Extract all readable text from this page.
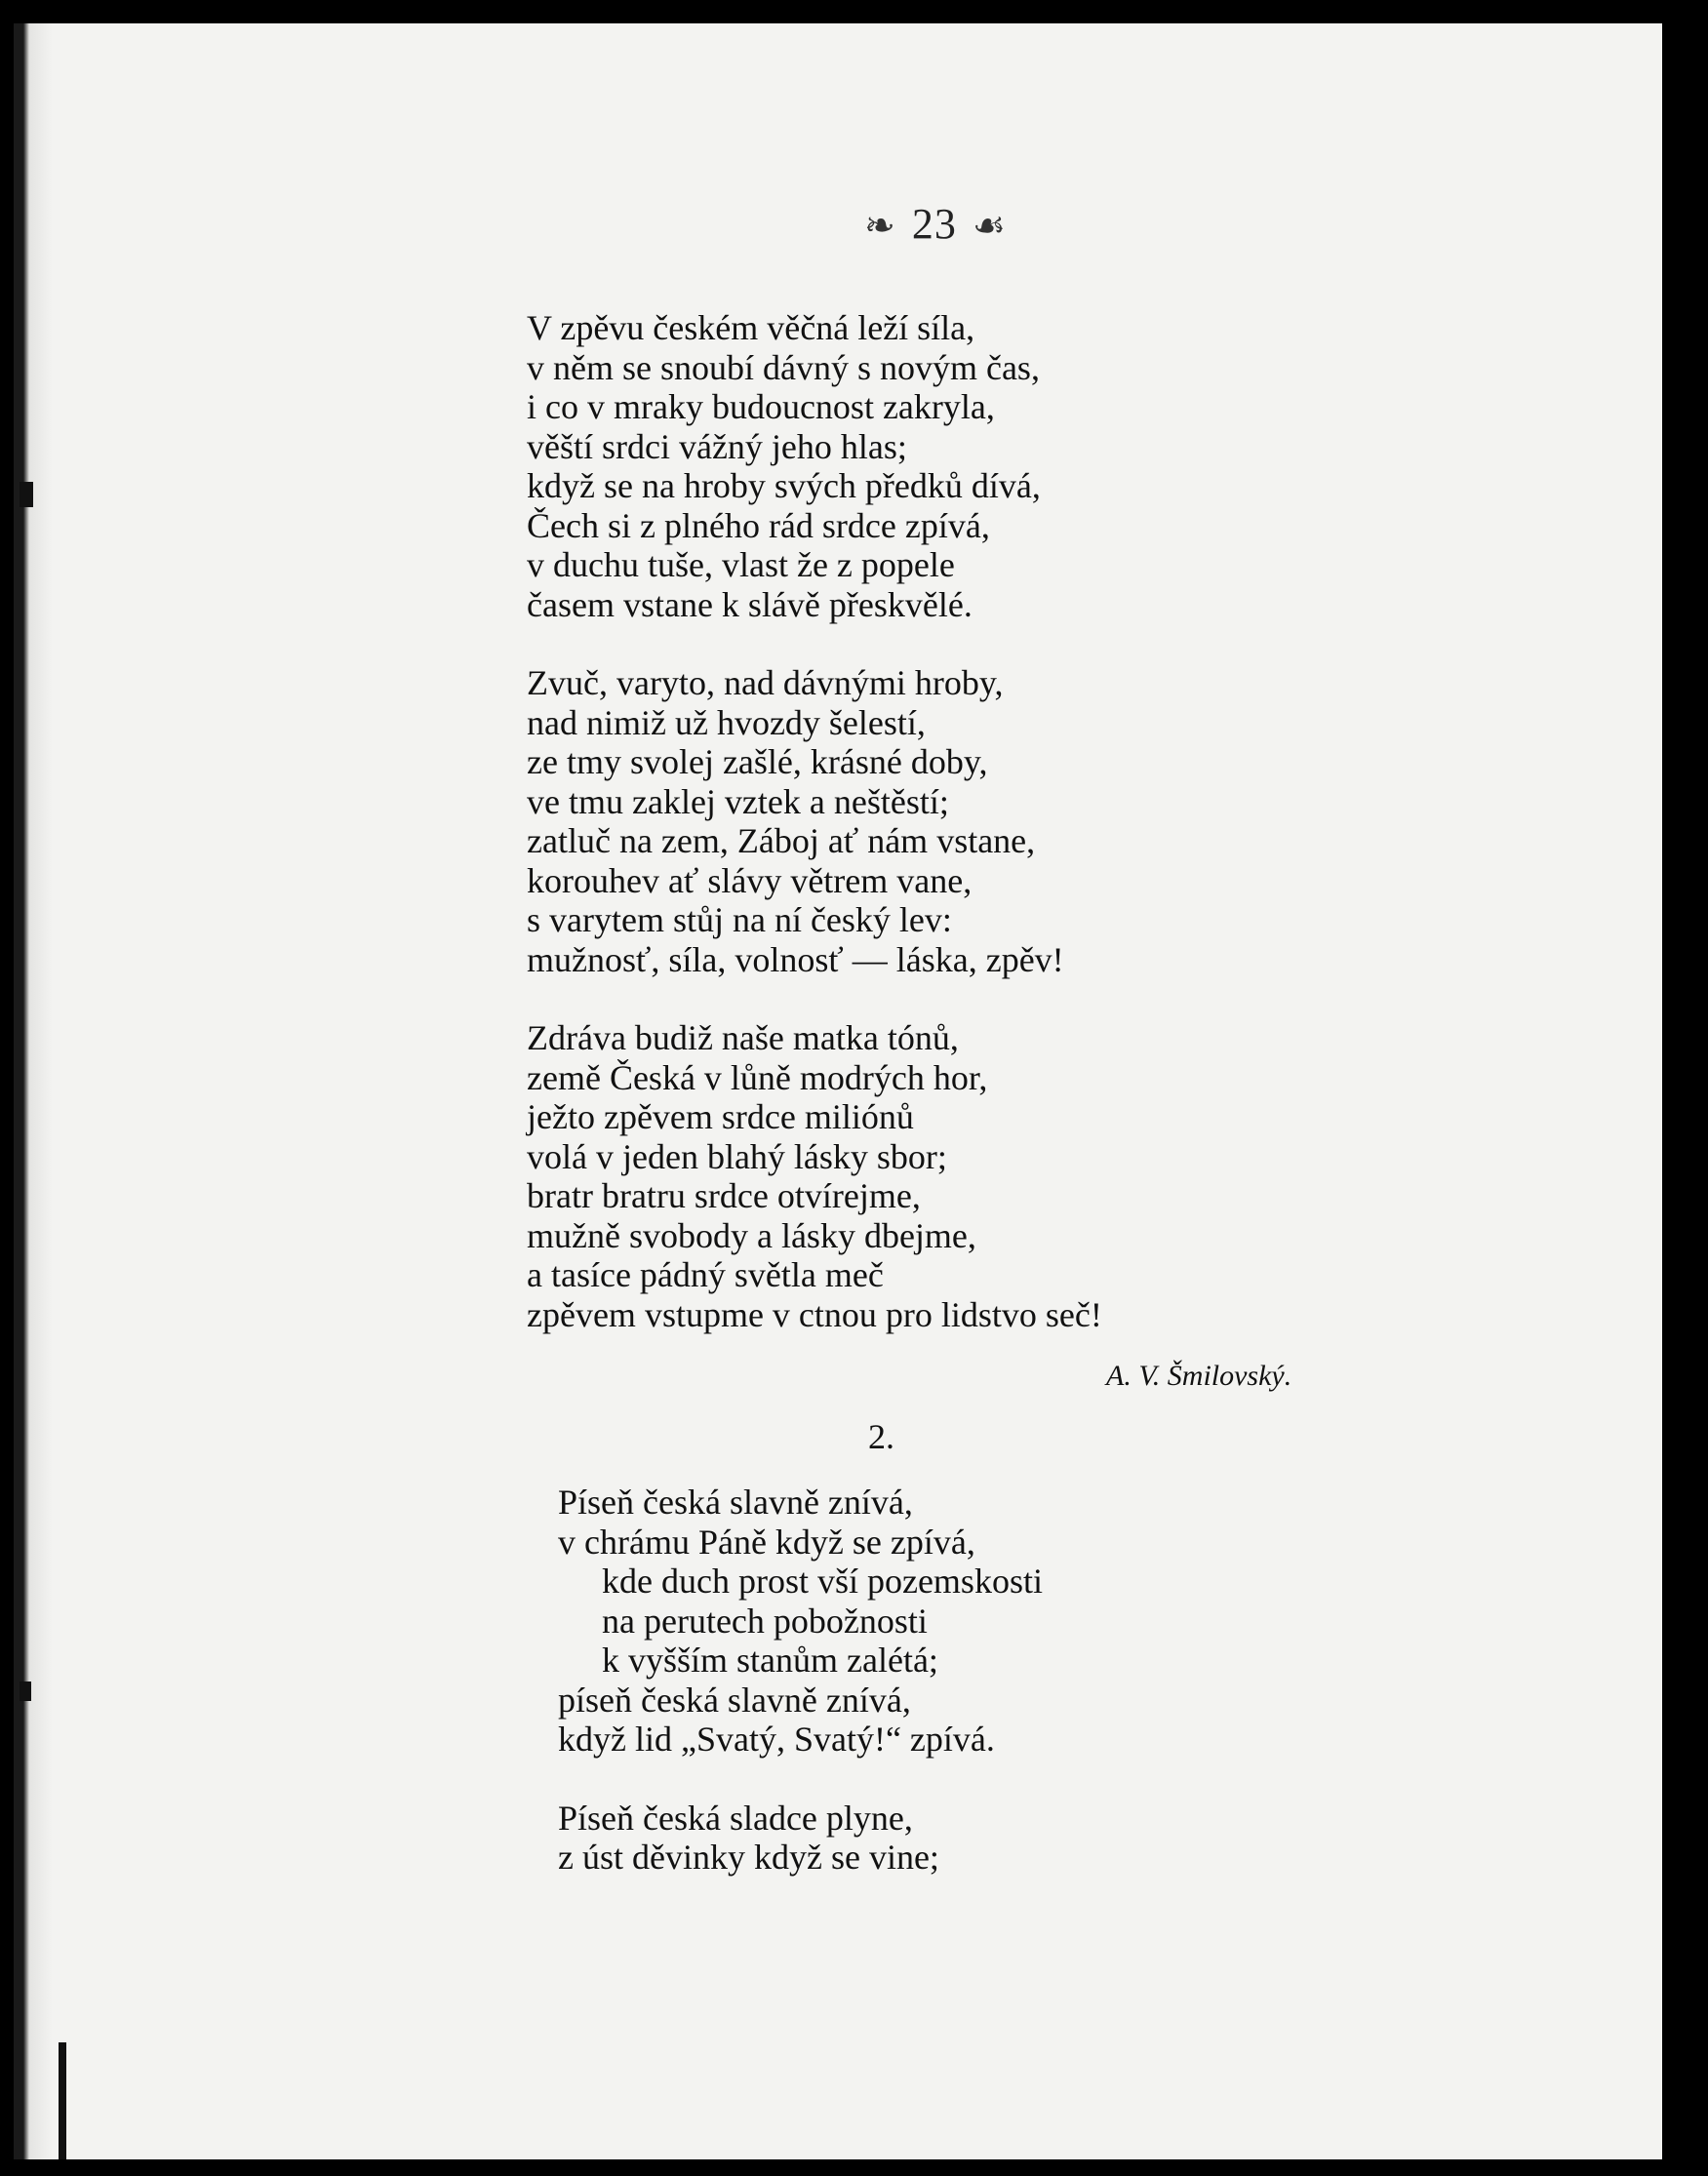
❧ 23 ☙
V zpěvu českém věčná leží síla,
v něm se snoubí dávný s novým čas,
i co v mraky budoucnost zakryla,
věští srdci vážný jeho hlas;
když se na hroby svých předků dívá,
Čech si z plného rád srdce zpívá,
v duchu tuše, vlast že z popele
časem vstane k slávě přeskvělé.
Zvuč, varyto, nad dávnými hroby,
nad nimiž už hvozdy šelestí,
ze tmy svolej zašlé, krásné doby,
ve tmu zaklej vztek a neštěstí;
zatluč na zem, Záboj ať nám vstane,
korouhev ať slávy větrem vane,
s varytem stůj na ní český lev:
mužnosť, síla, volnosť — láska, zpěv!
Zdráva budiž naše matka tónů,
země Česká v lůně modrých hor,
ježto zpěvem srdce miliónů
volá v jeden blahý lásky sbor;
bratr bratru srdce otvírejme,
mužně svobody a lásky dbejme,
a tasíce pádný světla meč
zpěvem vstupme v ctnou pro lidstvo seč!
A. V. Šmilovský.
2.
Píseň česká slavně znívá,
v chrámu Páně když se zpívá,
kde duch prost vší pozemskosti
na perutech pobožnosti
k vyšším stanům zalétá;
píseň česká slavně znívá,
když lid „Svatý, Svatý!“ zpívá.
Píseň česká sladce plyne,
z úst děvinky když se vine;
